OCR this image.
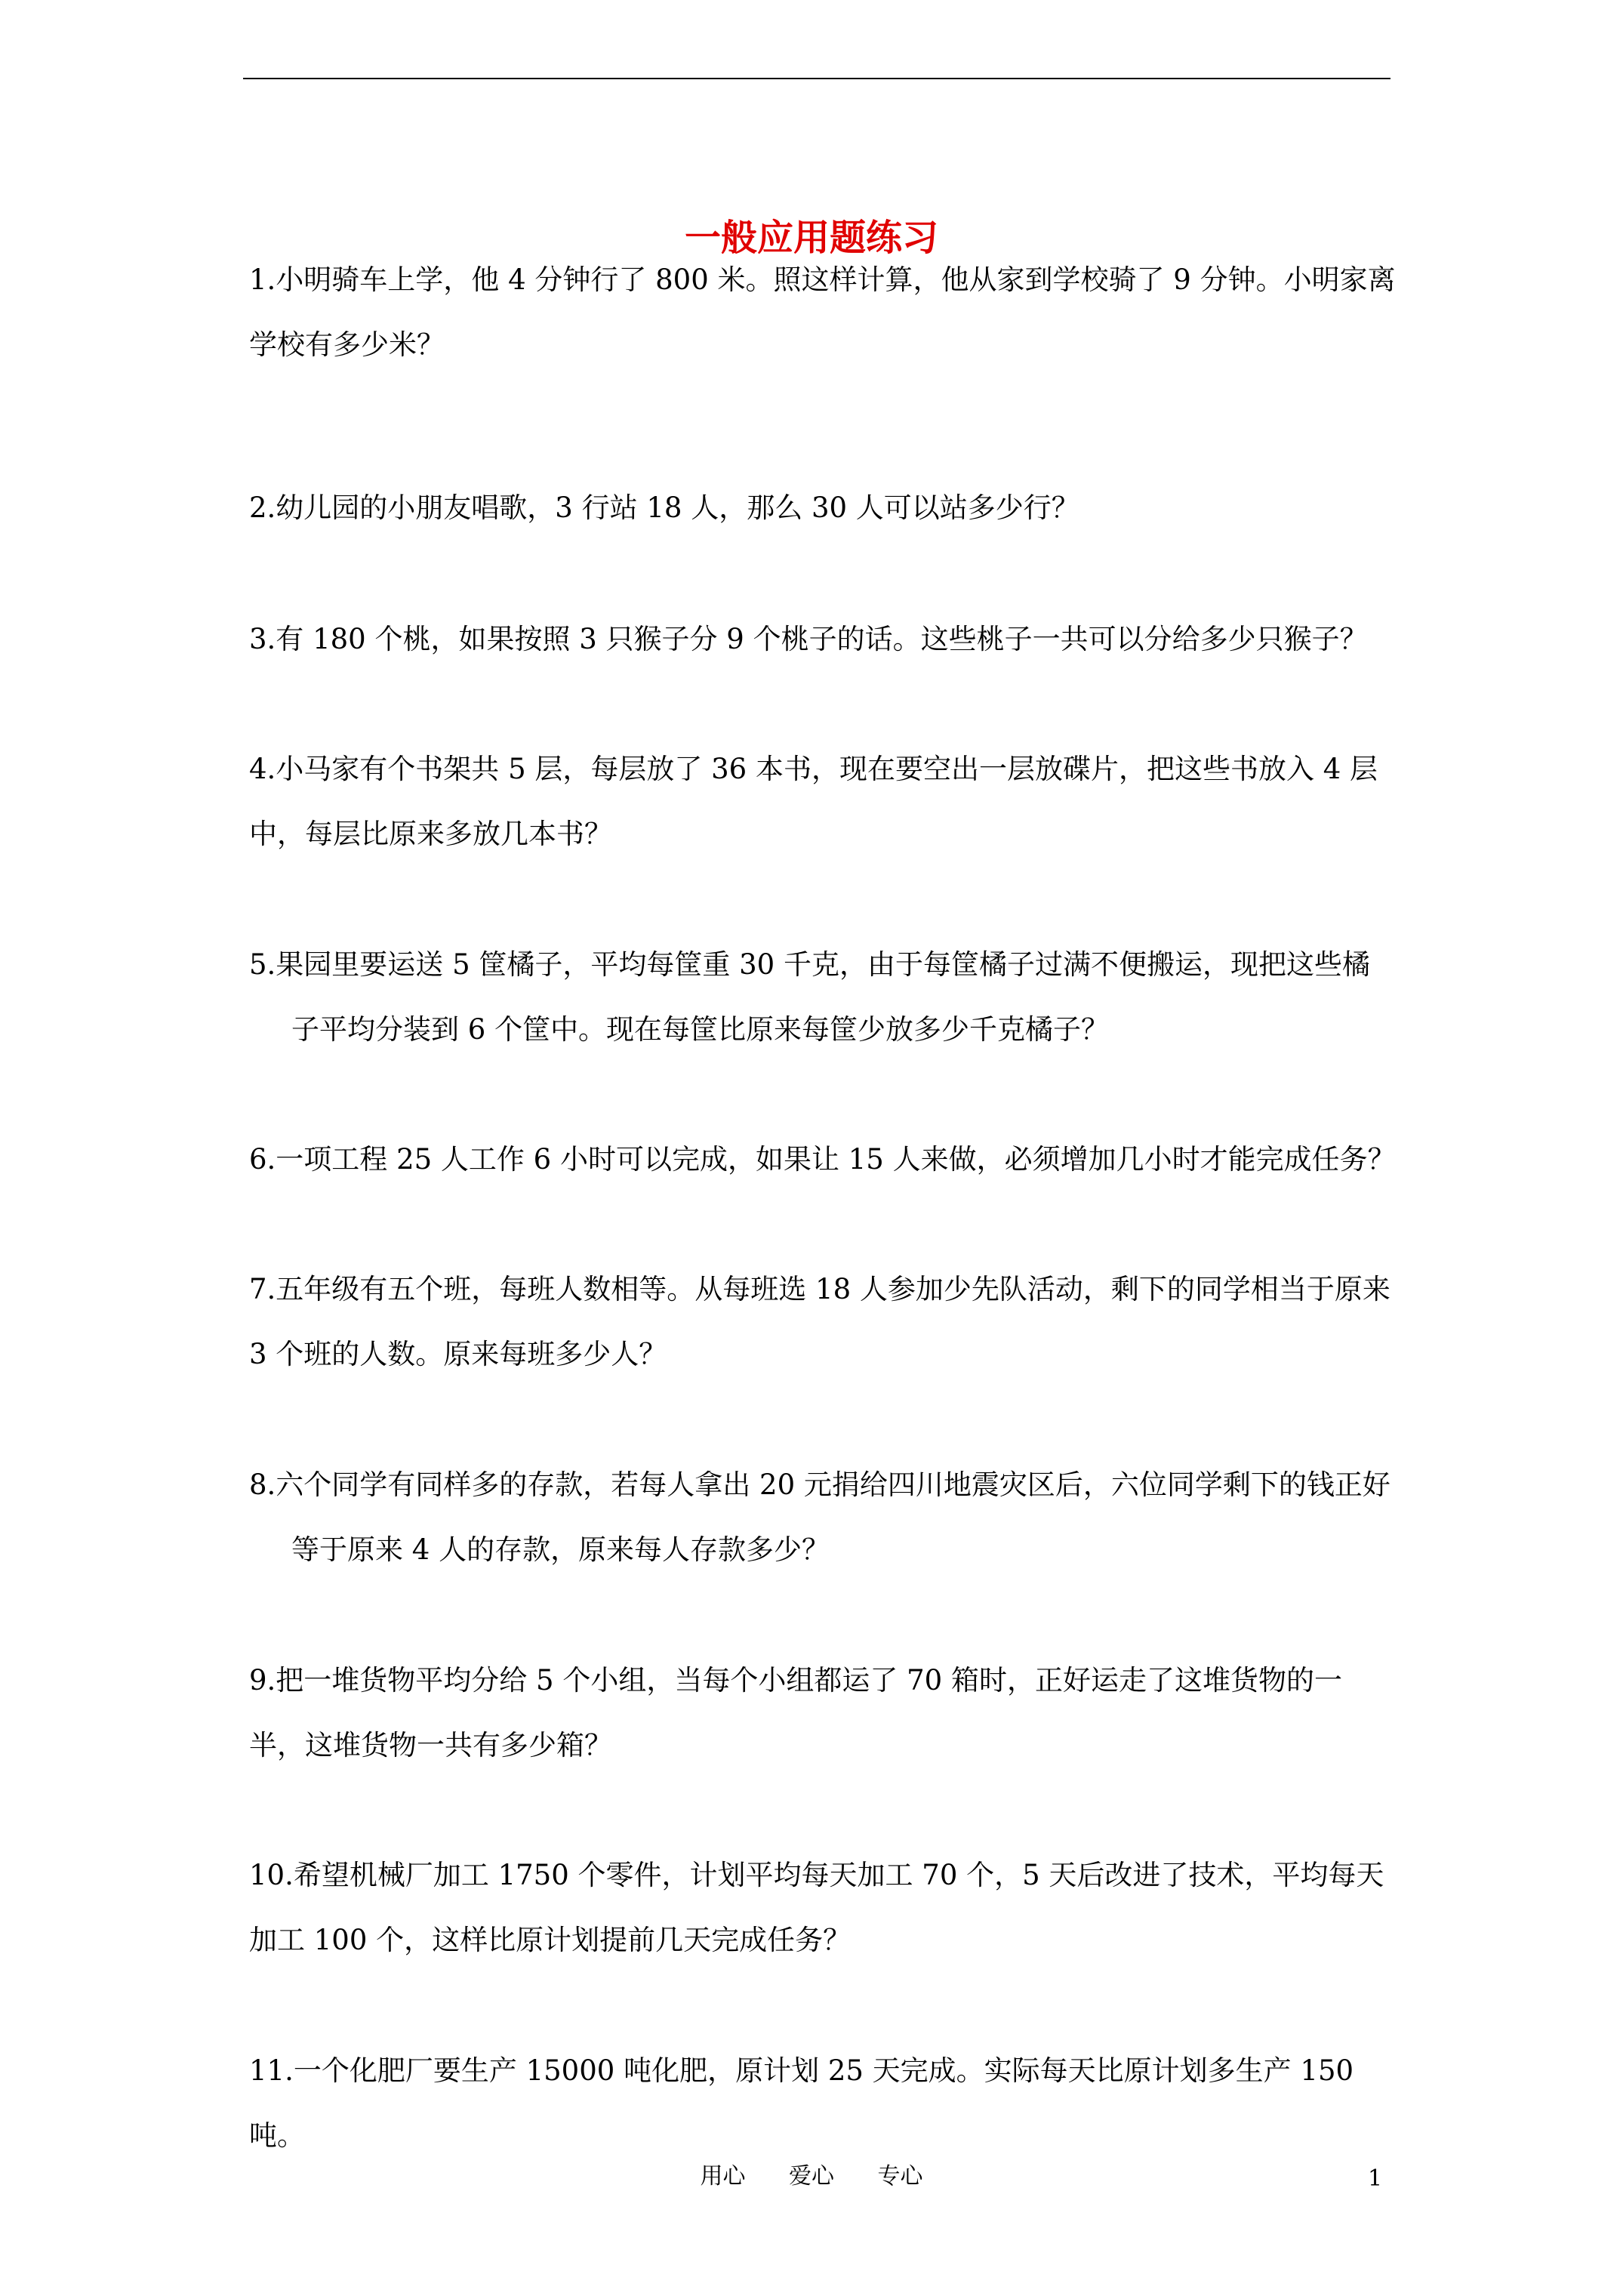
一般应用题练习

1.小明骑车上学，他 4 分钟行了 800 米。照这样计算，他从家到学校骑了 9 分钟。小明家离学校有多少米？

2.幼儿园的小朋友唱歌，3 行站 18 人，那么 30 人可以站多少行？

3.有 180 个桃，如果按照 3 只猴子分 9 个桃子的话。这些桃子一共可以分给多少只猴子？

4.小马家有个书架共 5 层，每层放了 36 本书，现在要空出一层放碟片，把这些书放入 4 层中，每层比原来多放几本书？

5.果园里要运送 5 筐橘子，平均每筐重 30 千克，由于每筐橘子过满不便搬运，现把这些橘子平均分装到 6 个筐中。现在每筐比原来每筐少放多少千克橘子？

6.一项工程 25 人工作 6 小时可以完成，如果让 15 人来做，必须增加几小时才能完成任务？

7.五年级有五个班，每班人数相等。从每班选 18 人参加少先队活动，剩下的同学相当于原来 3 个班的人数。原来每班多少人？

8.六个同学有同样多的存款，若每人拿出 20 元捐给四川地震灾区后，六位同学剩下的钱正好等于原来 4 人的存款，原来每人存款多少？

9.把一堆货物平均分给 5 个小组，当每个小组都运了 70 箱时，正好运走了这堆货物的一半，这堆货物一共有多少箱？

10.希望机械厂加工 1750 个零件，计划平均每天加工 70 个，5 天后改进了技术，平均每天加工 100 个，这样比原计划提前几天完成任务？

11.一个化肥厂要生产 15000 吨化肥，原计划 25 天完成。实际每天比原计划多生产 150 吨。

用心 爱心 专心	1
